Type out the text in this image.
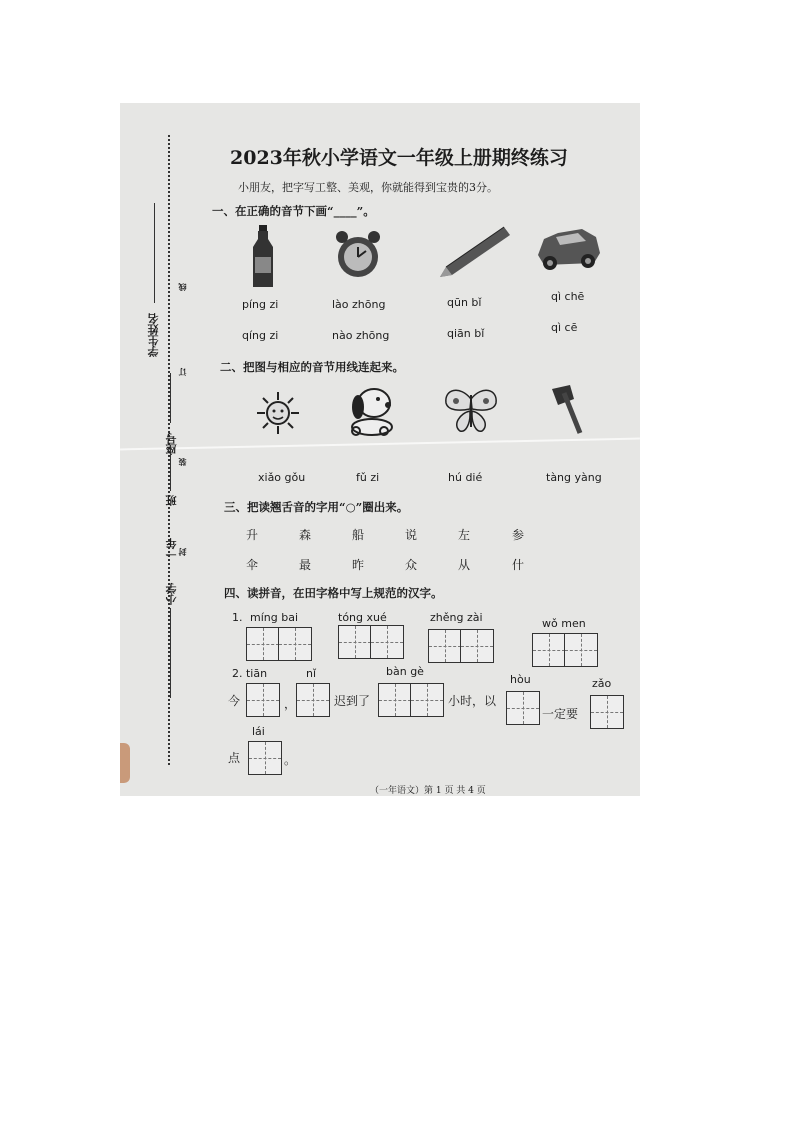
学生姓名
座号
班
一年
小学
线
订
装
封
2023年秋小学语文一年级上册期终练习
小朋友，把字写工整、美观，你就能得到宝贵的3分。
一、在正确的音节下画“____”。
píng zi
qíng zi
lào zhōng
nào zhōng
qūn bǐ
qiān bǐ
qì chē
qì cē
二、把图与相应的音节用线连起来。
xiǎo gǒu	fǔ zi	hú dié	tàng yàng
三、把读翘舌音的字用“○”圈出来。
升	森	船	说	左	参
伞	最	昨	众	从	什
四、读拼音，在田字格中写上规范的汉字。
1. míng bai	tóng xué	zhěng zài	wǒ men
2. tiān	nǐ	bàn gè
hòu	zǎo
今	，	迟到了	小时，以
一定要
lái
点	。
（一年语文）第 1 页 共 4 页
